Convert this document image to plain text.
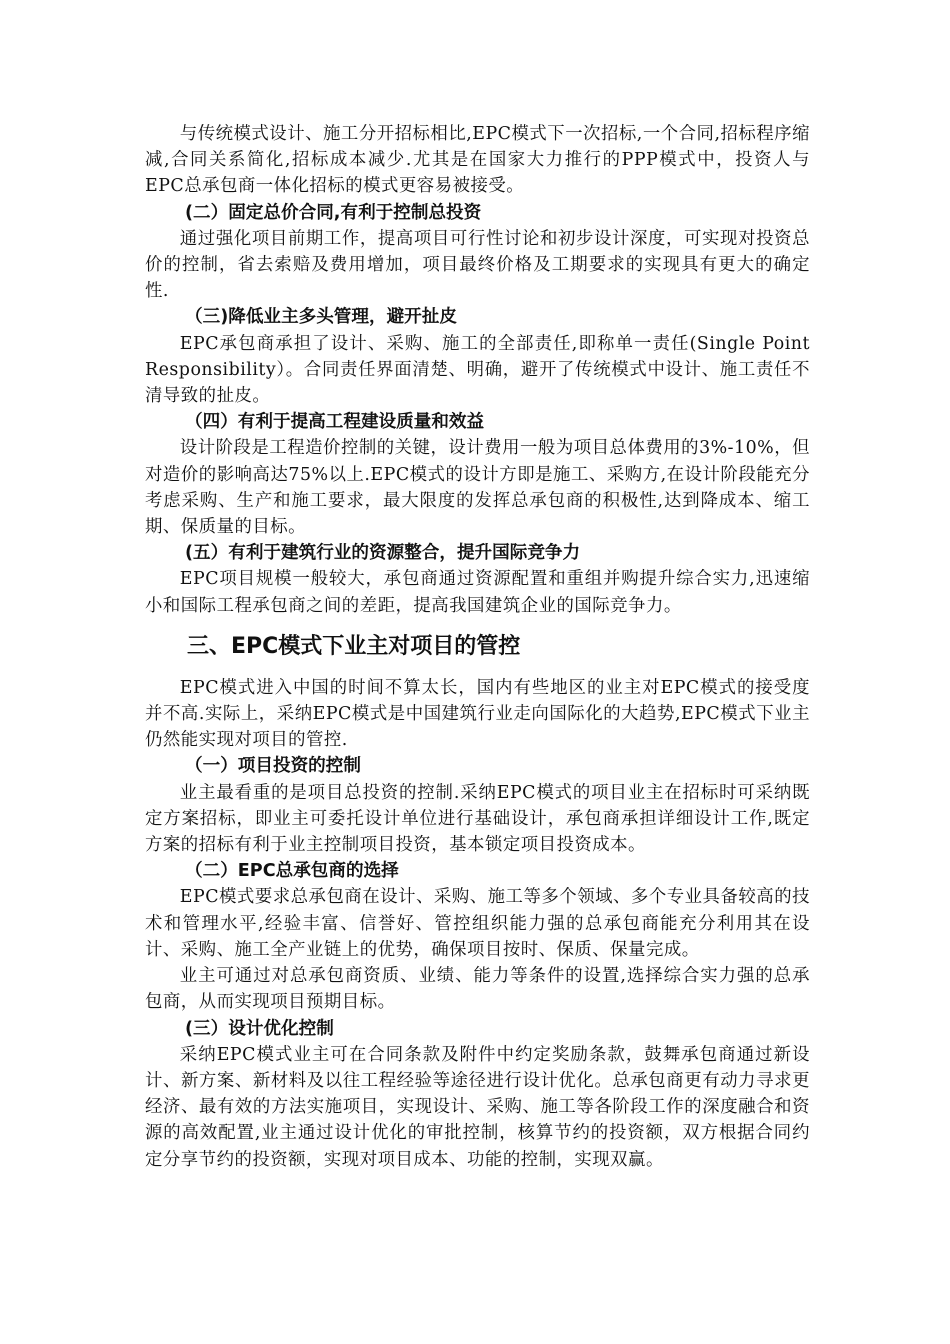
与传统模式设计、施工分开招标相比,EPC模式下一次招标,一个合同,招标程序缩减,合同关系简化,招标成本减少.尤其是在国家大力推行的PPP模式中，投资人与EPC总承包商一体化招标的模式更容易被接受。

(二）固定总价合同,有利于控制总投资

通过强化项目前期工作，提高项目可行性讨论和初步设计深度，可实现对投资总价的控制，省去索赔及费用增加，项目最终价格及工期要求的实现具有更大的确定性.

（三)降低业主多头管理，避开扯皮

EPC承包商承担了设计、采购、施工的全部责任,即称单一责任(Single Point Responsibility）。合同责任界面清楚、明确，避开了传统模式中设计、施工责任不清导致的扯皮。

（四）有利于提高工程建设质量和效益

设计阶段是工程造价控制的关键，设计费用一般为项目总体费用的3%-10%，但对造价的影响高达75%以上.EPC模式的设计方即是施工、采购方,在设计阶段能充分考虑采购、生产和施工要求，最大限度的发挥总承包商的积极性,达到降成本、缩工期、保质量的目标。

(五）有利于建筑行业的资源整合，提升国际竞争力

EPC项目规模一般较大，承包商通过资源配置和重组并购提升综合实力,迅速缩小和国际工程承包商之间的差距，提高我国建筑企业的国际竞争力。

三、EPC模式下业主对项目的管控

EPC模式进入中国的时间不算太长，国内有些地区的业主对EPC模式的接受度并不高.实际上，采纳EPC模式是中国建筑行业走向国际化的大趋势,EPC模式下业主仍然能实现对项目的管控.

（一）项目投资的控制

业主最看重的是项目总投资的控制.采纳EPC模式的项目业主在招标时可采纳既定方案招标，即业主可委托设计单位进行基础设计，承包商承担详细设计工作,既定方案的招标有利于业主控制项目投资，基本锁定项目投资成本。

（二）EPC总承包商的选择

EPC模式要求总承包商在设计、采购、施工等多个领域、多个专业具备较高的技术和管理水平,经验丰富、信誉好、管控组织能力强的总承包商能充分利用其在设计、采购、施工全产业链上的优势，确保项目按时、保质、保量完成。

业主可通过对总承包商资质、业绩、能力等条件的设置,选择综合实力强的总承包商，从而实现项目预期目标。

(三）设计优化控制

采纳EPC模式业主可在合同条款及附件中约定奖励条款，鼓舞承包商通过新设计、新方案、新材料及以往工程经验等途径进行设计优化。总承包商更有动力寻求更经济、最有效的方法实施项目，实现设计、采购、施工等各阶段工作的深度融合和资源的高效配置,业主通过设计优化的审批控制，核算节约的投资额，双方根据合同约定分享节约的投资额，实现对项目成本、功能的控制，实现双赢。
